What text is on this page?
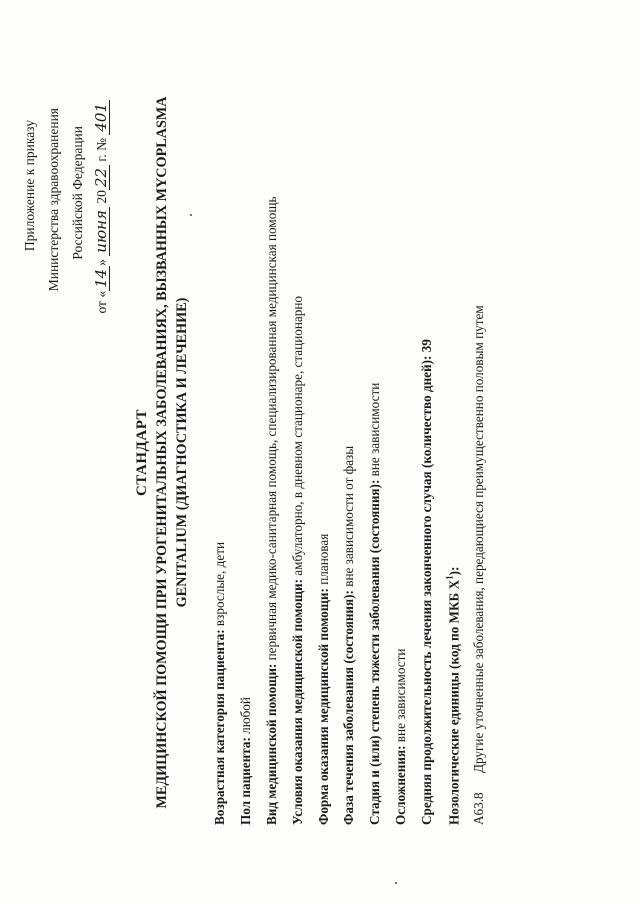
Приложение к приказу Министерства здравоохранения Российской Федерации
от «14» июня 2022 г. № 401
СТАНДАРТ МЕДИЦИНСКОЙ ПОМОЩИ ПРИ УРОГЕНИТАЛЬНЫХ ЗАБОЛЕВАНИЯХ, ВЫЗВАННЫХ MYCOPLASMA GENITALIUM (ДИАГНОСТИКА И ЛЕЧЕНИЕ)
Возрастная категория пациента: взрослые, дети
Пол пациента: любой Вид медицинской помощи: первичная медико-санитарная помощь, специализированная медицинская помощь
Условия оказания медицинской помощи: амбулаторно, в дневном стационаре, стационарно
Форма оказания медицинской помощи: плановая
Фаза течения заболевания (состояния): вне зависимости от фазы Стадия и (или) степень тяжести заболевания (состояния): вне зависимости
Осложнения: вне зависимости Средняя продолжительность лечения законченного случая (количество дней): 39
Нозологические единицы (код по МКБ $X^1$):
A63.8Другие уточненные заболевания, передающиеся преимущественно половым путем
